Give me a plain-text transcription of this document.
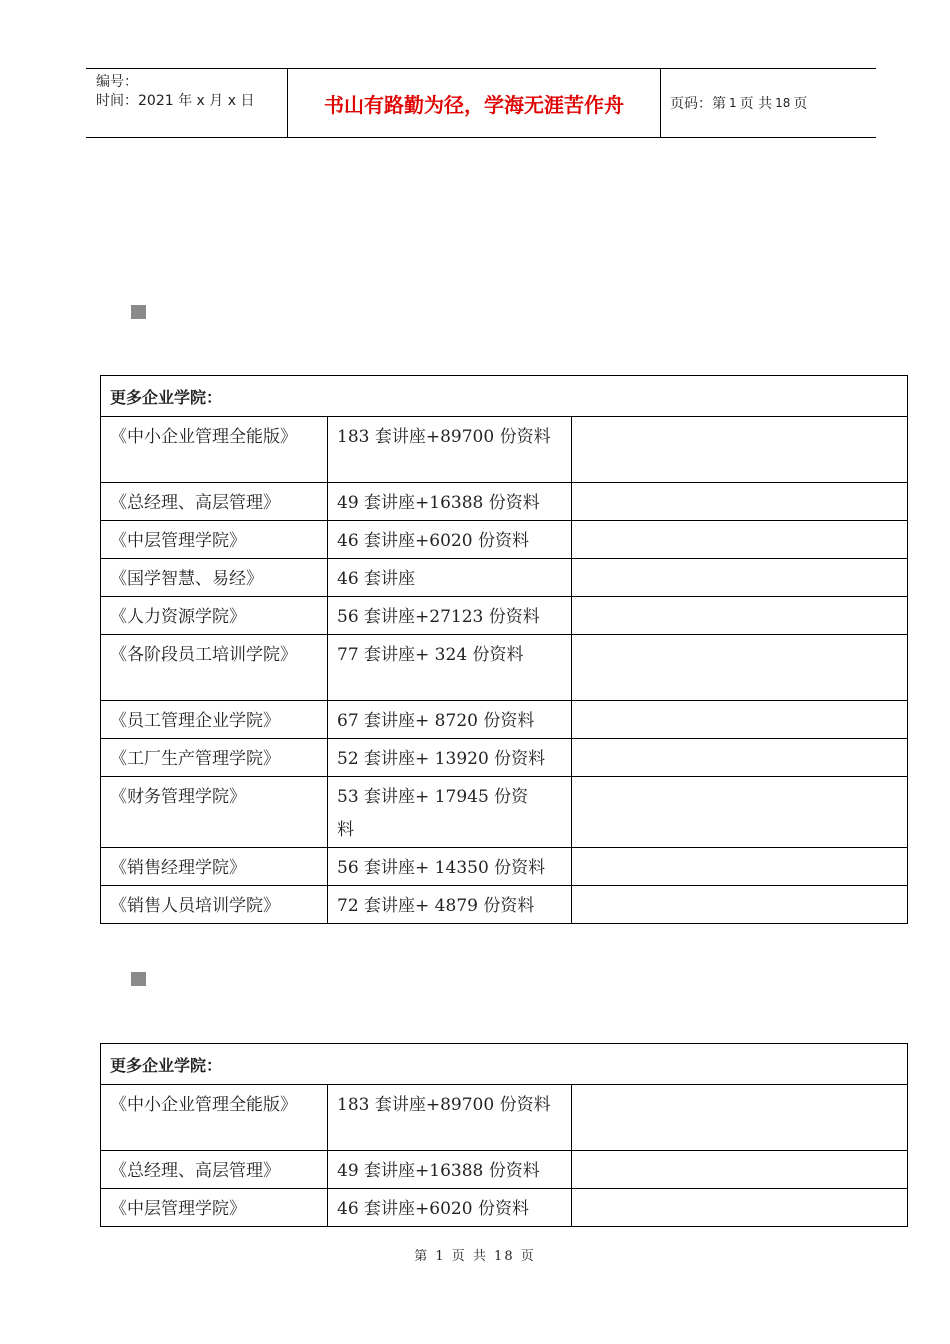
编号：
时间：2021 年 x 月 x 日	书山有路勤为径，学海无涯苦作舟	页码：第 1 页 共 18 页
更多企业学院：		
《中小企业管理全能版》	183 套讲座+89700 份资料	
《总经理、高层管理》	49 套讲座+16388 份资料	
《中层管理学院》	46 套讲座+6020 份资料	
《国学智慧、易经》	46 套讲座	
《人力资源学院》	56 套讲座+27123 份资料	
《各阶段员工培训学院》	77 套讲座+ 324 份资料	
《员工管理企业学院》	67 套讲座+ 8720 份资料	
《工厂生产管理学院》	52 套讲座+ 13920 份资料	
《财务管理学院》	53 套讲座+ 17945 份资料	
《销售经理学院》	56 套讲座+ 14350 份资料	
《销售人员培训学院》	72 套讲座+ 4879 份资料	
更多企业学院：		
《中小企业管理全能版》	183 套讲座+89700 份资料	
《总经理、高层管理》	49 套讲座+16388 份资料	
《中层管理学院》	46 套讲座+6020 份资料	
第 1 页 共 18 页
